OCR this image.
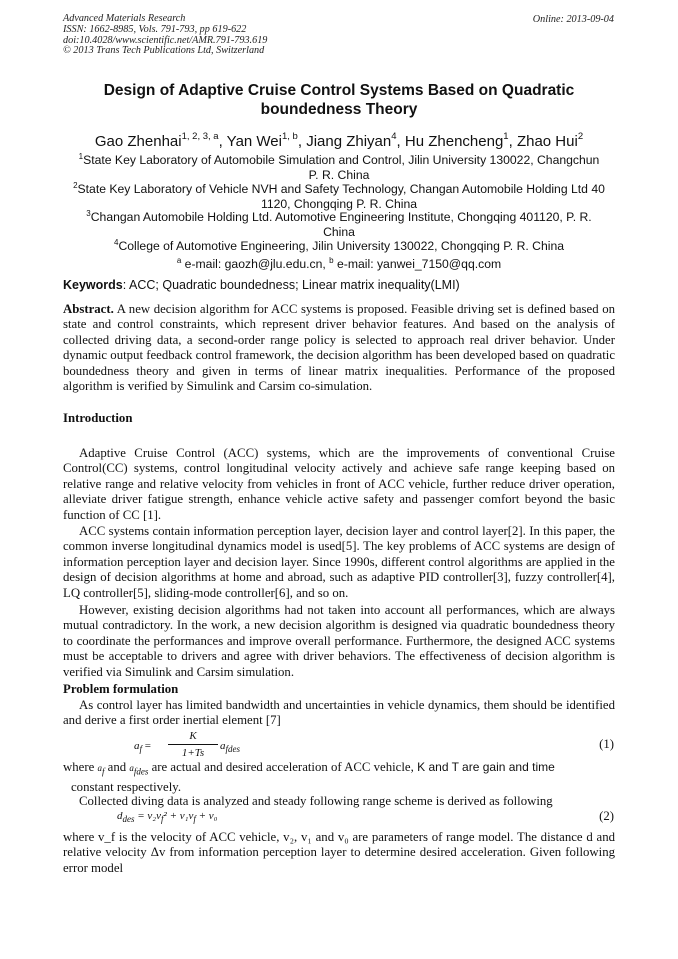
Advanced Materials Research
ISSN: 1662-8985, Vols. 791-793, pp 619-622
doi:10.4028/www.scientific.net/AMR.791-793.619
© 2013 Trans Tech Publications Ltd, Switzerland
Online: 2013-09-04
Design of Adaptive Cruise Control Systems Based on Quadratic
boundedness Theory
Gao Zhenhai$^{1, 2, 3, a}$, Yan Wei$^{1, b}$, Jiang Zhiyan$^4$, Hu Zhencheng$^1$, Zhao Hui$^2$
$^1$State Key Laboratory of Automobile Simulation and Control, Jilin University 130022, Changchun
P. R. China
$^2$State Key Laboratory of Vehicle NVH and Safety Technology, Changan Automobile Holding Ltd 40
1120, Chongqing P. R. China
$^3$Changan Automobile Holding Ltd. Automotive Engineering Institute, Chongqing 401120, P. R.
China
$^4$College of Automotive Engineering, Jilin University 130022, Chongqing P. R. China
$^a$ e-mail: gaozh@jlu.edu.cn, $^b$ e-mail: yanwei_7150@qq.com
Keywords: ACC; Quadratic boundedness; Linear matrix inequality(LMI)
Abstract. A new decision algorithm for ACC systems is proposed. Feasible driving set is defined based on state and control constraints, which represent driver behavior features. And based on the analysis of collected driving data, a second-order range policy is selected to approach real driver behavior. Under dynamic output feedback control framework, the decision algorithm has been developed based on quadratic boundedness theory and given in terms of linear matrix inequalities. Performance of the proposed algorithm is verified by Simulink and Carsim co-simulation.
Introduction
Adaptive Cruise Control (ACC) systems, which are the improvements of conventional Cruise Control(CC) systems, control longitudinal velocity actively and achieve safe range keeping based on relative range and relative velocity from vehicles in front of ACC vehicle, further reduce driver operation, alleviate driver fatigue strength, enhance vehicle active safety and passenger comfort beyond the basic function of CC [1].
ACC systems contain information perception layer, decision layer and control layer[2]. In this paper, the common inverse longitudinal dynamics model is used[5]. The key problems of ACC systems are design of information perception layer and decision layer. Since 1990s, different control algorithms are applied in the design of decision algorithms at home and abroad, such as adaptive PID controller[3], fuzzy controller[4], LQ controller[5], sliding-mode controller[6], and so on.
However, existing decision algorithms had not taken into account all performances, which are always mutual contradictory. In the work, a new decision algorithm is designed via quadratic boundedness theory to coordinate the performances and improve overall performance. Furthermore, the designed ACC systems must be acceptable to drivers and agree with driver behaviors. The effectiveness of decision algorithm is verified via Simulink and Carsim simulation.
Problem formulation
As control layer has limited bandwidth and uncertainties in vehicle dynamics, them should be identified and derive a first order inertial element [7]
$a_f$ =
K
1+Ts
$a_{fdes}$	(1)
where $a_f$ and $a_{fdes}$ are actual and desired acceleration of ACC vehicle, K and T are gain and time
constant respectively.
Collected diving data is analyzed and steady following range scheme is derived as following
$d_{des} = v_2v_f^2 + v_1v_f + v_0$	(2)
where v_f is the velocity of ACC vehicle, v₂, v₁ and v₀ are parameters of range model. The distance d and relative velocity Δv from information perception layer to determine desired acceleration. Given following error model
